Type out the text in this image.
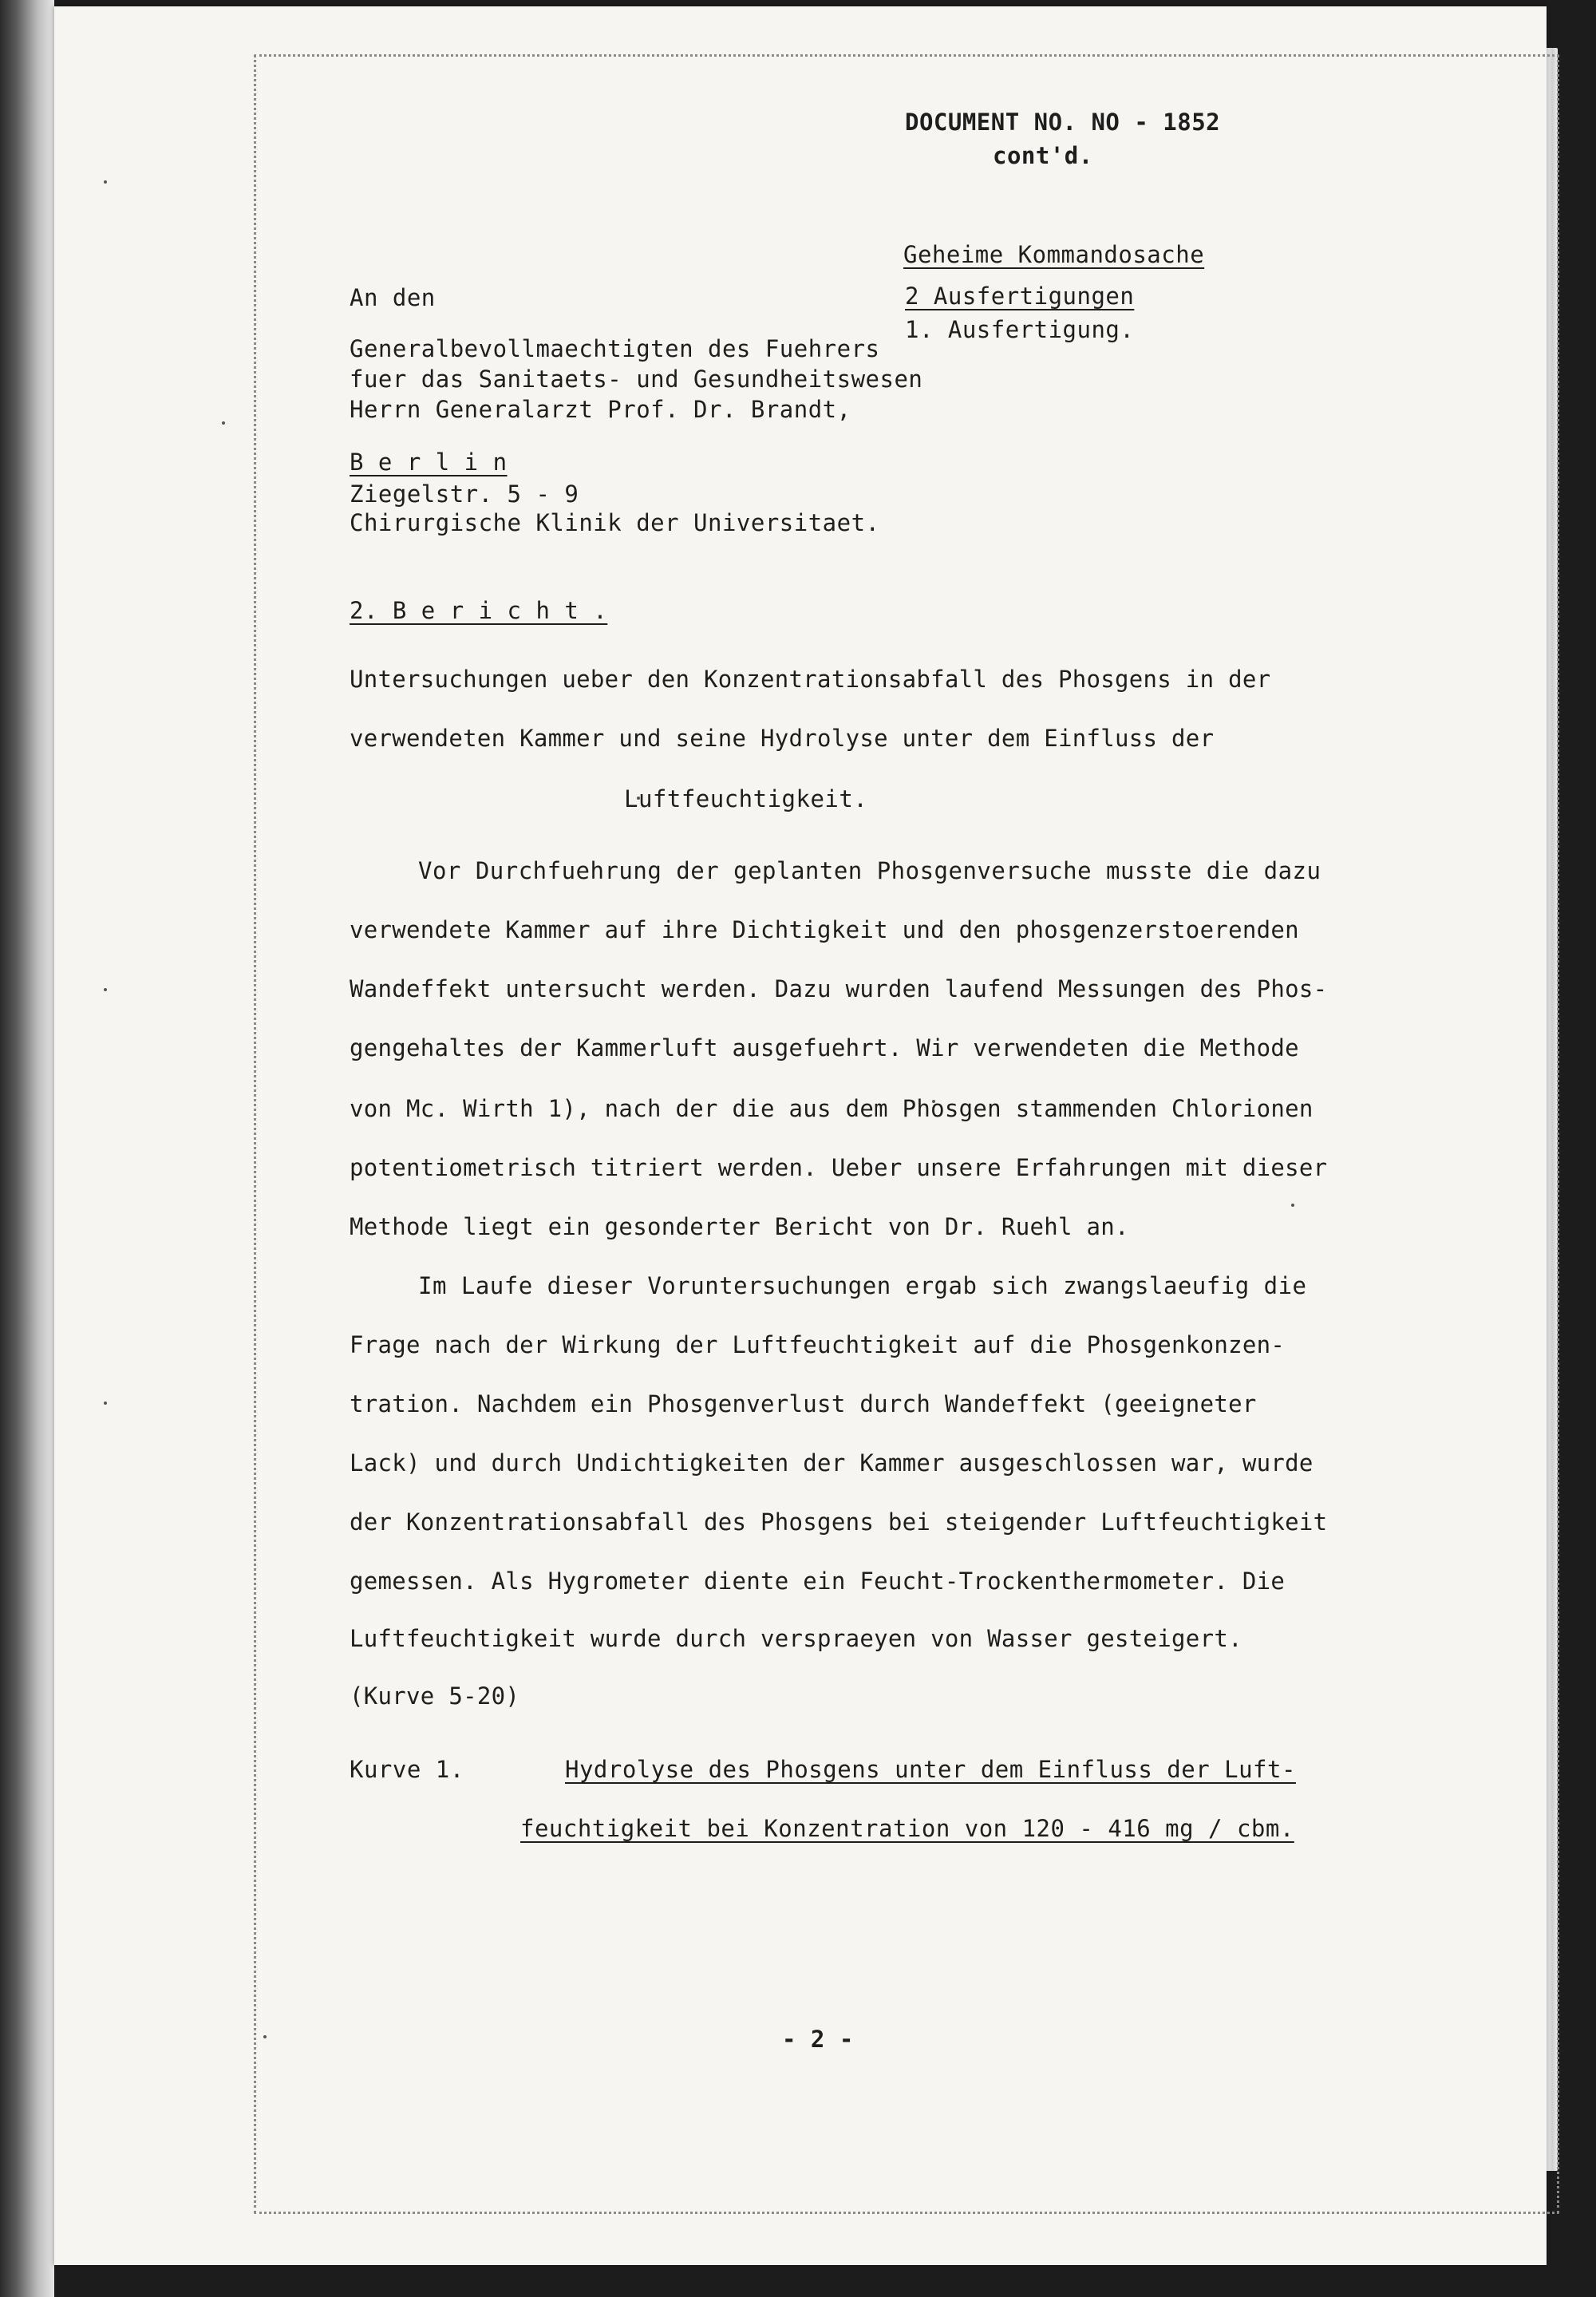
DOCUMENT NO. NO - 1852
cont'd.
Geheime Kommandosache
2 Ausfertigungen
1. Ausfertigung.
An den
Generalbevollmaechtigten des Fuehrers
fuer das Sanitaets- und Gesundheitswesen
Herrn Generalarzt Prof. Dr. Brandt,
B e r l i n
Ziegelstr. 5 - 9
Chirurgische Klinik der Universitaet.
2. B e r i c h t .
Untersuchungen ueber den Konzentrationsabfall des Phosgens in der
verwendeten Kammer und seine Hydrolyse unter dem Einfluss der
Luftfeuchtigkeit.
Vor Durchfuehrung der geplanten Phosgenversuche musste die dazu
verwendete Kammer auf ihre Dichtigkeit und den phosgenzerstoerenden
Wandeffekt untersucht werden. Dazu wurden laufend Messungen des Phos-
gengehaltes der Kammerluft ausgefuehrt. Wir verwendeten die Methode
von Mc. Wirth 1), nach der die aus dem Phosgen stammenden Chlorionen
potentiometrisch titriert werden. Ueber unsere Erfahrungen mit dieser
Methode liegt ein gesonderter Bericht von Dr. Ruehl an.
Im Laufe dieser Voruntersuchungen ergab sich zwangslaeufig die
Frage nach der Wirkung der Luftfeuchtigkeit auf die Phosgenkonzen-
tration. Nachdem ein Phosgenverlust durch Wandeffekt (geeigneter
Lack) und durch Undichtigkeiten der Kammer ausgeschlossen war, wurde
der Konzentrationsabfall des Phosgens bei steigender Luftfeuchtigkeit
gemessen. Als Hygrometer diente ein Feucht-Trockenthermometer. Die
Luftfeuchtigkeit wurde durch verspraeyen von Wasser gesteigert.
(Kurve 5-20)
Kurve 1.	Hydrolyse des Phosgens unter dem Einfluss der Luft-
feuchtigkeit bei Konzentration von 120 - 416 mg / cbm.
- 2 -
